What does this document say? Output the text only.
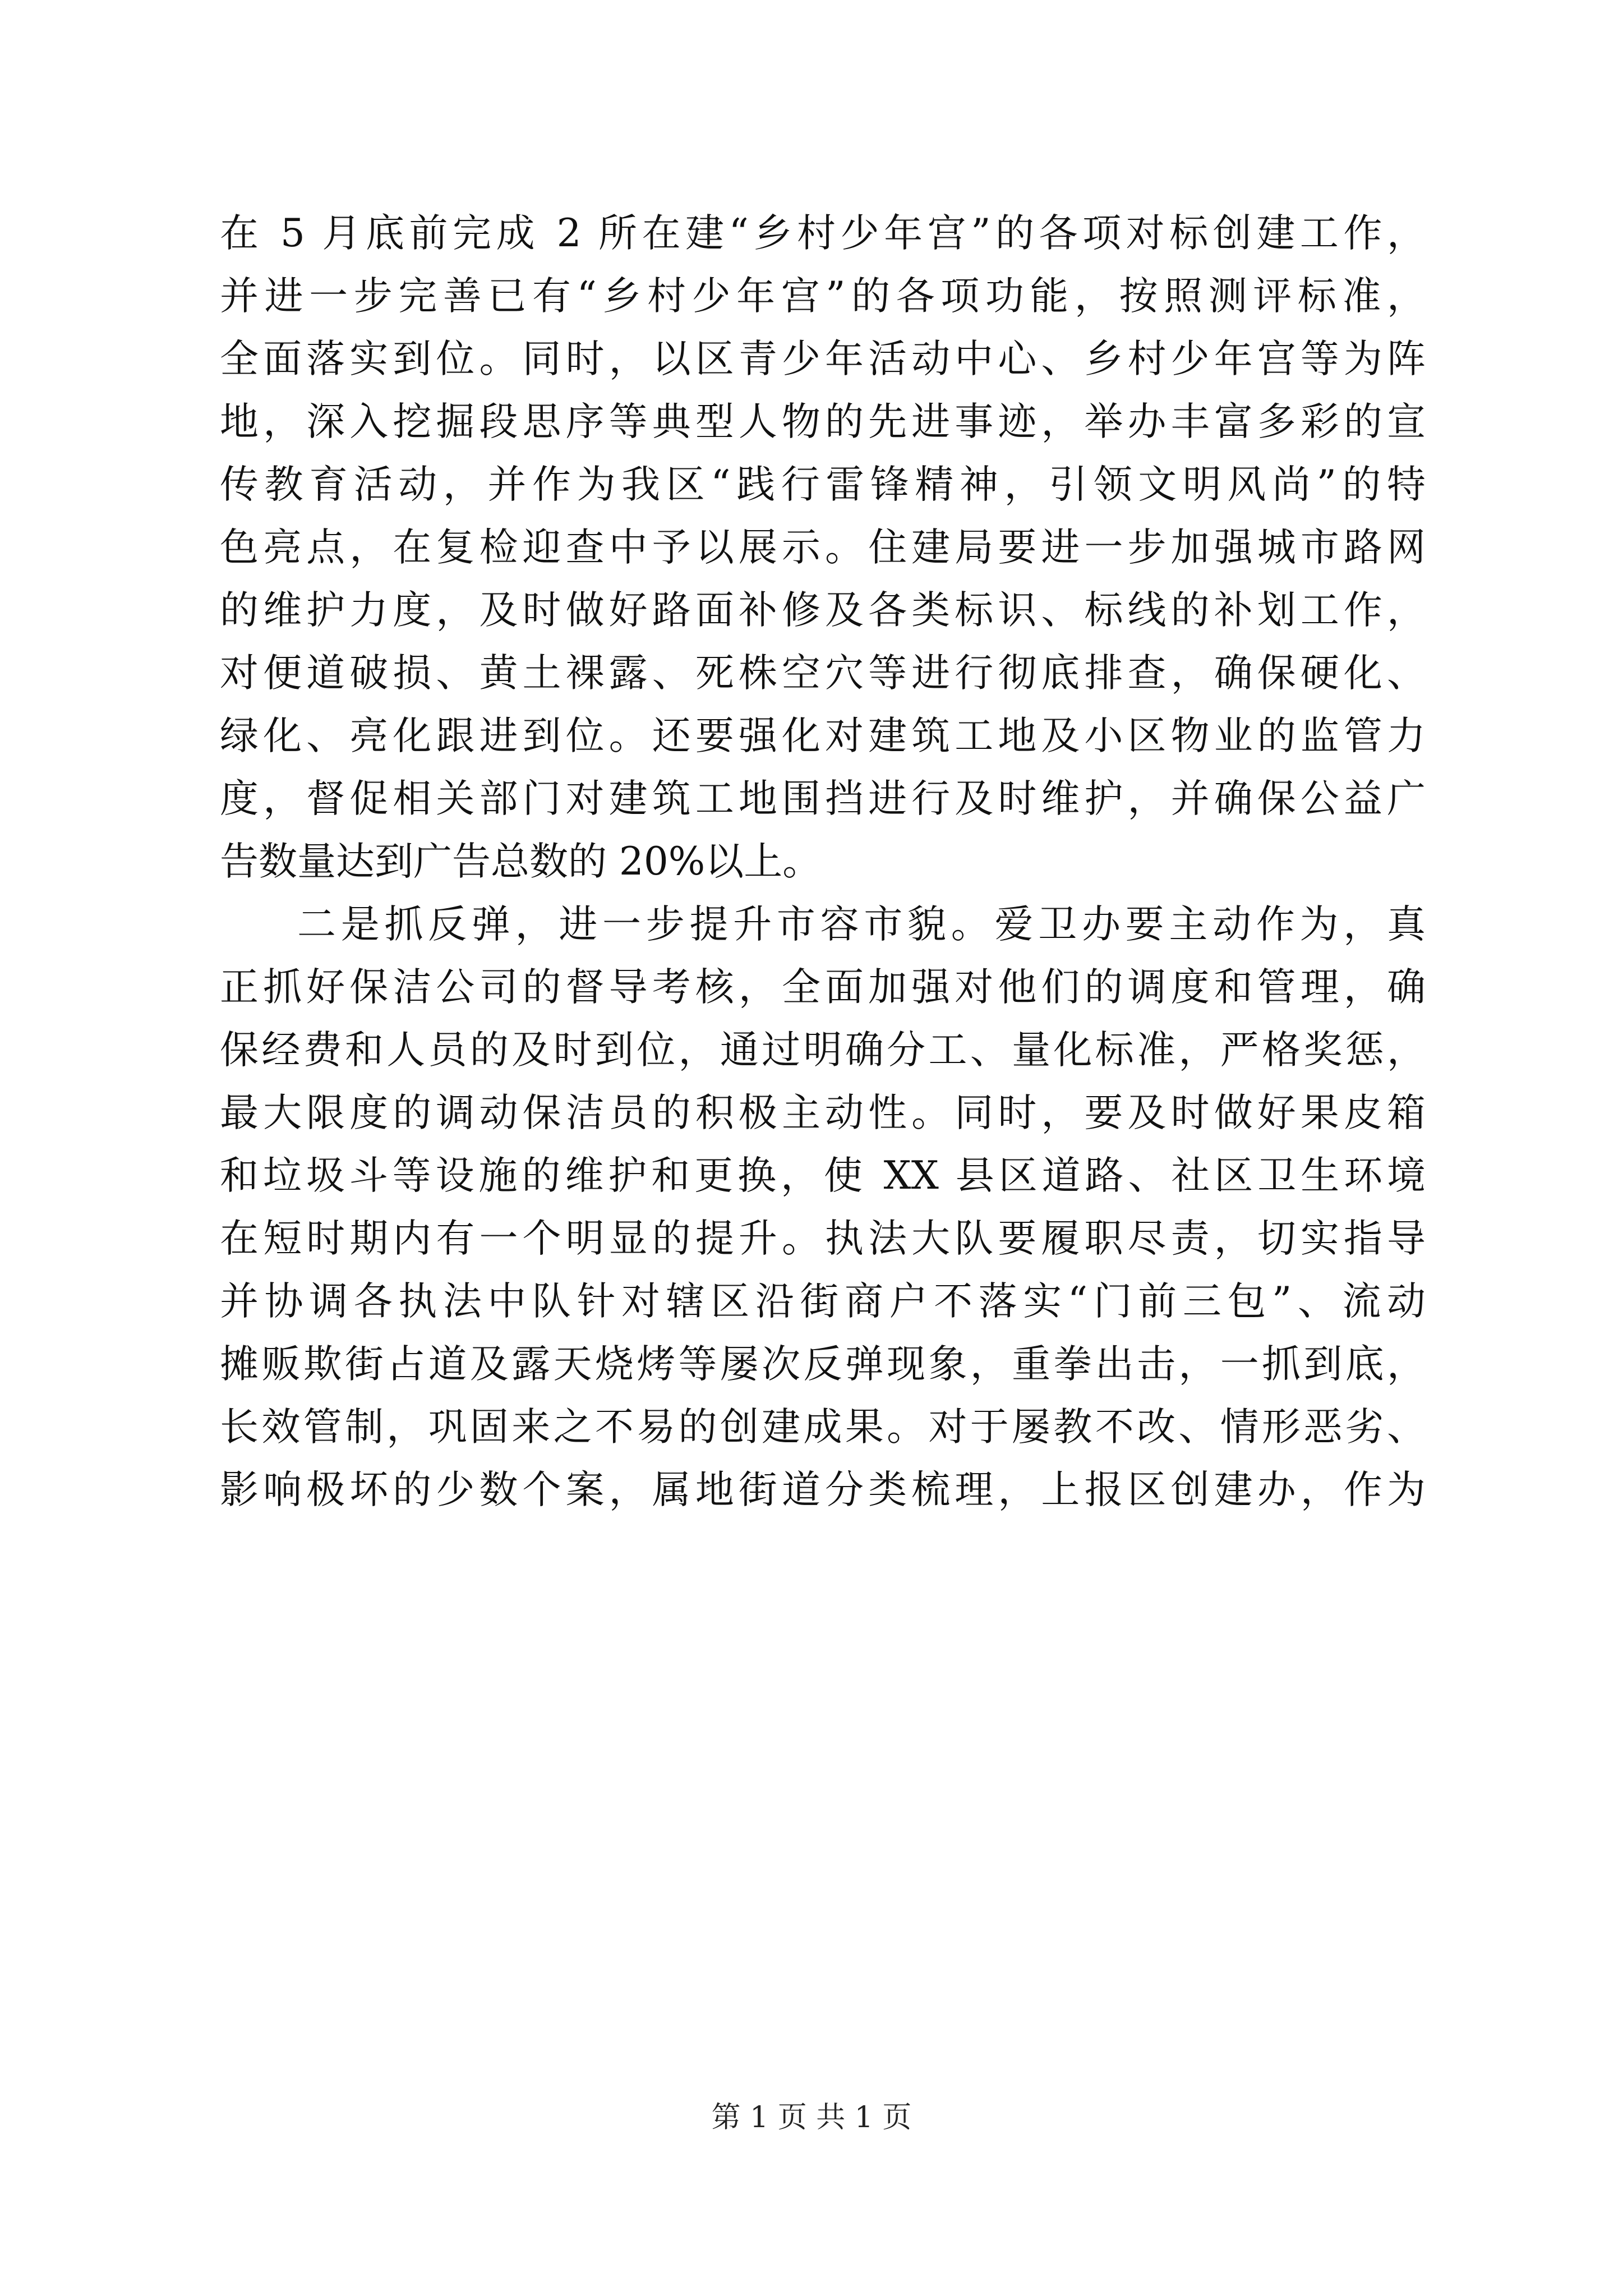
在 5 月底前完成 2 所在建“乡村少年宫”的各项对标创建工作，
并进一步完善已有“乡村少年宫”的各项功能，按照测评标准，
全面落实到位。同时，以区青少年活动中心、乡村少年宫等为阵
地，深入挖掘段思序等典型人物的先进事迹，举办丰富多彩的宣
传教育活动，并作为我区“践行雷锋精神，引领文明风尚”的特
色亮点，在复检迎查中予以展示。住建局要进一步加强城市路网
的维护力度，及时做好路面补修及各类标识、标线的补划工作，
对便道破损、黄土裸露、死株空穴等进行彻底排查，确保硬化、
绿化、亮化跟进到位。还要强化对建筑工地及小区物业的监管力
度，督促相关部门对建筑工地围挡进行及时维护，并确保公益广
告数量达到广告总数的 20%以上。
二是抓反弹，进一步提升市容市貌。爱卫办要主动作为，真
正抓好保洁公司的督导考核，全面加强对他们的调度和管理，确
保经费和人员的及时到位，通过明确分工、量化标准，严格奖惩，
最大限度的调动保洁员的积极主动性。同时，要及时做好果皮箱
和垃圾斗等设施的维护和更换，使 XX 县区道路、社区卫生环境
在短时期内有一个明显的提升。执法大队要履职尽责，切实指导
并协调各执法中队针对辖区沿街商户不落实“门前三包”、流动
摊贩欺街占道及露天烧烤等屡次反弹现象，重拳出击，一抓到底，
长效管制，巩固来之不易的创建成果。对于屡教不改、情形恶劣、
影响极坏的少数个案，属地街道分类梳理，上报区创建办，作为
第 1 页 共 1 页
